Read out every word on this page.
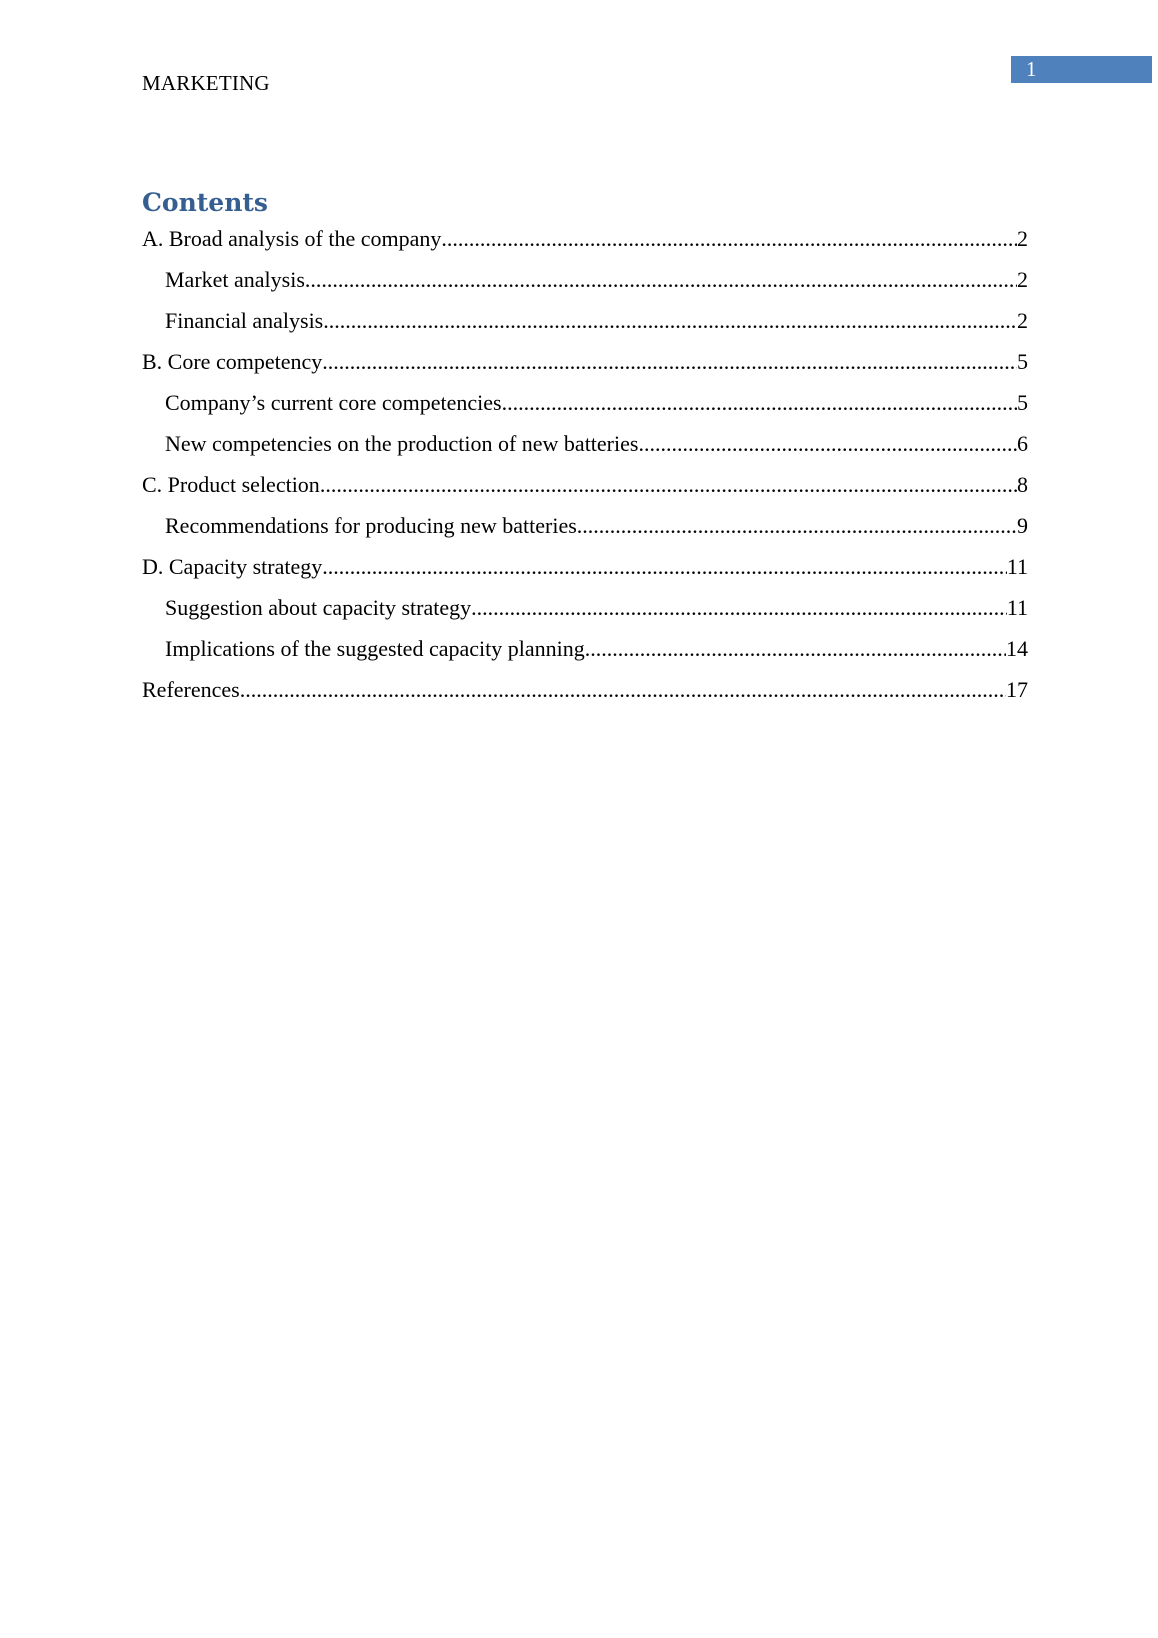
1
MARKETING
Contents
A. Broad analysis of the company .....	2
Market analysis .....	2
Financial analysis .....	2
B. Core competency .....	5
Company’s current core competencies .....	5
New competencies on the production of new batteries .....	6
C. Product selection .....	8
Recommendations for producing new batteries .....	9
D. Capacity strategy .....	11
Suggestion about capacity strategy .....	11
Implications of the suggested capacity planning .....	14
References .....	17
